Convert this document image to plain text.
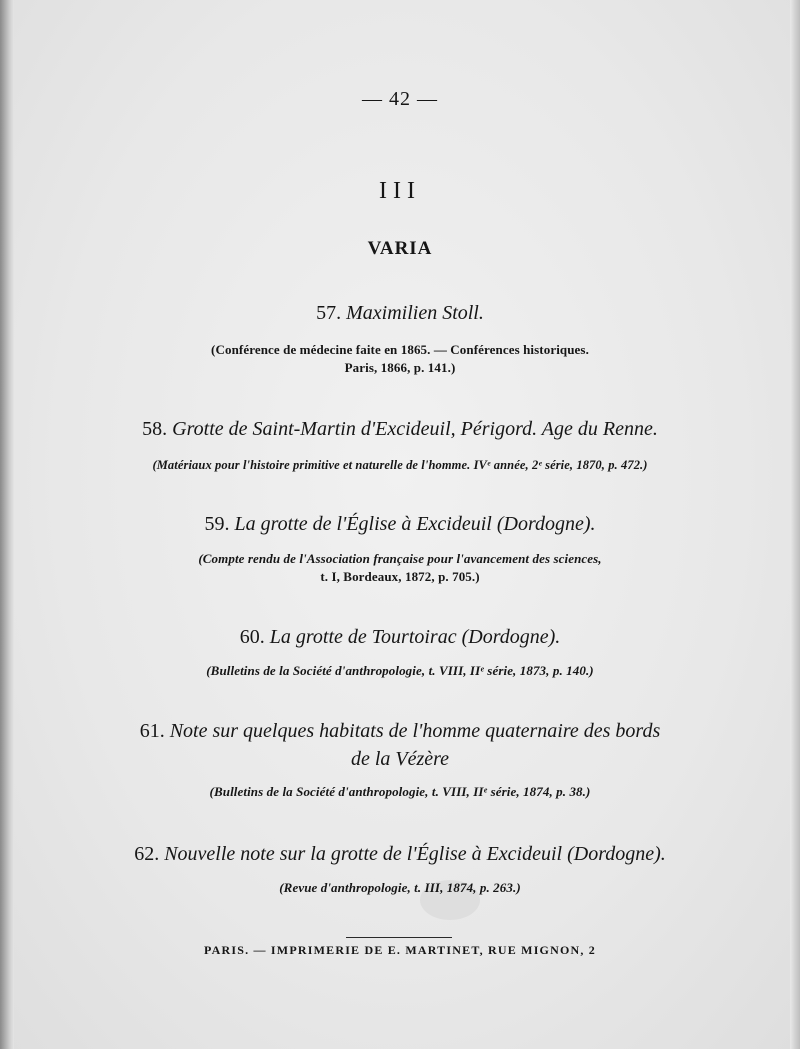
— 42 —
III
VARIA
57. Maximilien Stoll.
(Conférence de médecine faite en 1865. — Conférences historiques.
Paris, 1866, p. 141.)
58. Grotte de Saint-Martin d'Excideuil, Périgord. Age du Renne.
(Matériaux pour l'histoire primitive et naturelle de l'homme. IVᵉ année, 2ᵉ série, 1870, p. 472.)
59. La grotte de l'Église à Excideuil (Dordogne).
(Compte rendu de l'Association française pour l'avancement des sciences,
t. I, Bordeaux, 1872, p. 705.)
60. La grotte de Tourtoirac (Dordogne).
(Bulletins de la Société d'anthropologie, t. VIII, IIᵉ série, 1873, p. 140.)
61. Note sur quelques habitats de l'homme quaternaire des bords
de la Vézère
(Bulletins de la Société d'anthropologie, t. VIII, IIᵉ série, 1874, p. 38.)
62. Nouvelle note sur la grotte de l'Église à Excideuil (Dordogne).
(Revue d'anthropologie, t. III, 1874, p. 263.)
PARIS. — IMPRIMERIE DE E. MARTINET, RUE MIGNON, 2
